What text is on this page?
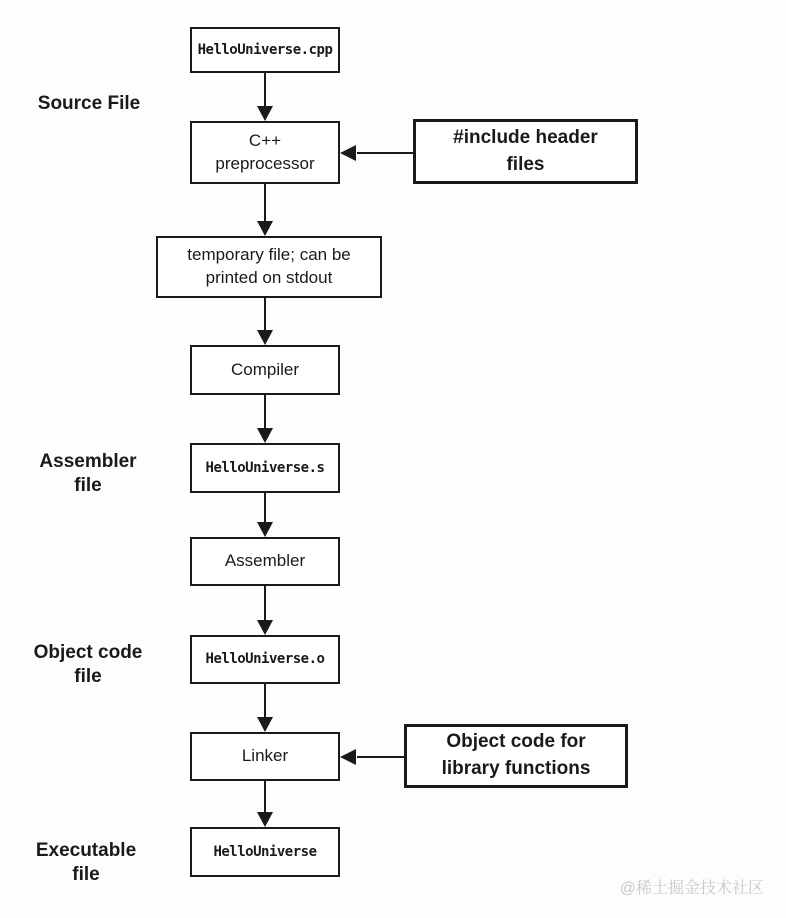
HelloUniverse.cpp
C++
preprocessor
#include header
files
temporary file; can be
printed on stdout
Compiler
HelloUniverse.s
Assembler
HelloUniverse.o
Linker
Object code for
library functions
HelloUniverse
Source File
Assembler
file
Object code
file
Executable
file
@稀土掘金技术社区
